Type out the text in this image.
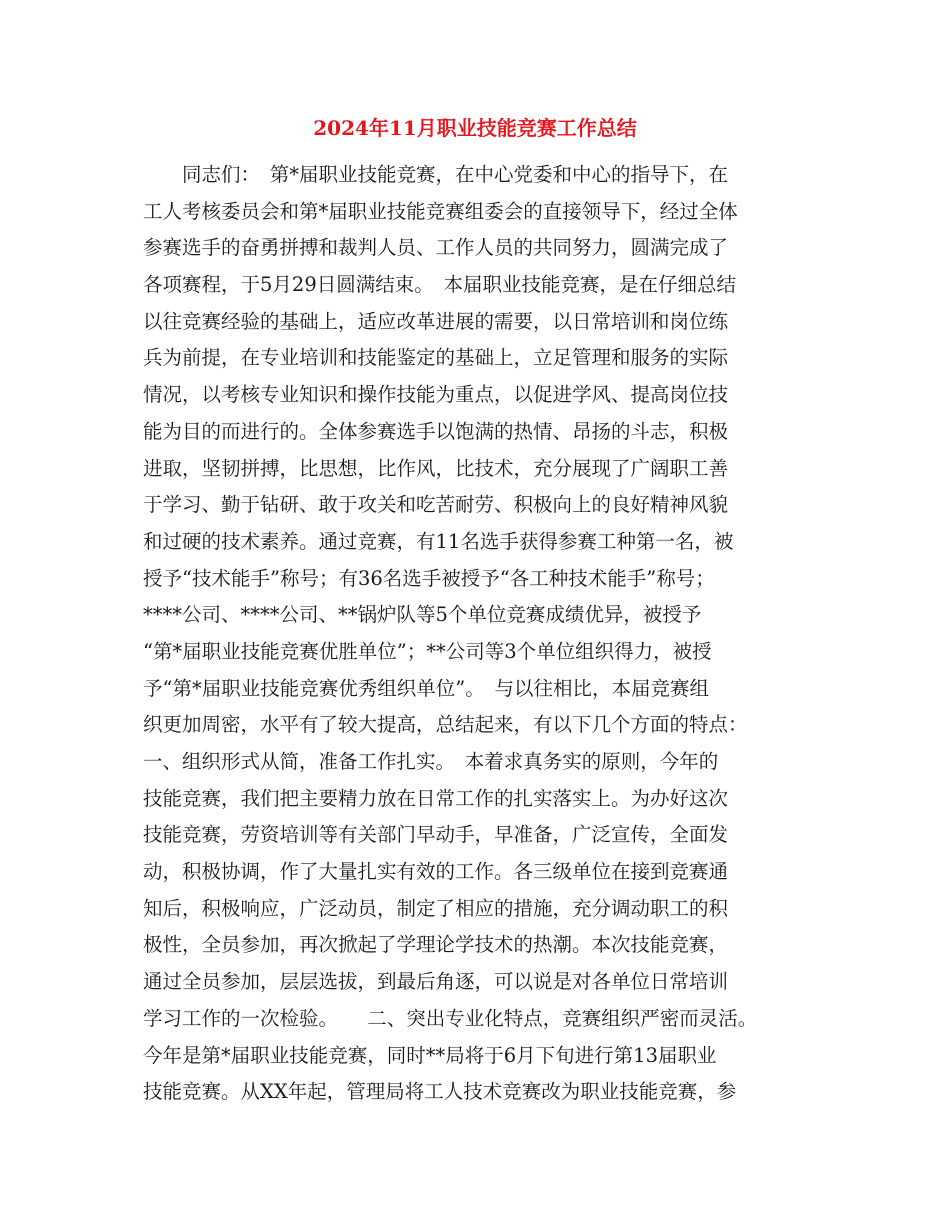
2024年11月职业技能竞赛工作总结
　　同志们：　第*届职业技能竞赛，在中心党委和中心的指导下，在
工人考核委员会和第*届职业技能竞赛组委会的直接领导下，经过全体
参赛选手的奋勇拼搏和裁判人员、工作人员的共同努力，圆满完成了
各项赛程，于5月29日圆满结束。　本届职业技能竞赛，是在仔细总结
以往竞赛经验的基础上，适应改革进展的需要，以日常培训和岗位练
兵为前提，在专业培训和技能鉴定的基础上，立足管理和服务的实际
情况，以考核专业知识和操作技能为重点，以促进学风、提高岗位技
能为目的而进行的。全体参赛选手以饱满的热情、昂扬的斗志，积极
进取，坚韧拼搏，比思想，比作风，比技术，充分展现了广阔职工善
于学习、勤于钻研、敢于攻关和吃苦耐劳、积极向上的良好精神风貌
和过硬的技术素养。通过竞赛，有11名选手获得参赛工种第一名，被
授予“技术能手”称号；有36名选手被授予“各工种技术能手”称号；
****公司、****公司、**锅炉队等5个单位竞赛成绩优异，被授予
“第*届职业技能竞赛优胜单位”；**公司等3个单位组织得力，被授
予“第*届职业技能竞赛优秀组织单位”。　与以往相比，本届竞赛组
织更加周密，水平有了较大提高，总结起来，有以下几个方面的特点：
一、组织形式从简，准备工作扎实。　本着求真务实的原则，今年的
技能竞赛，我们把主要精力放在日常工作的扎实落实上。为办好这次
技能竞赛，劳资培训等有关部门早动手，早准备，广泛宣传，全面发
动，积极协调，作了大量扎实有效的工作。各三级单位在接到竞赛通
知后，积极响应，广泛动员，制定了相应的措施，充分调动职工的积
极性，全员参加，再次掀起了学理论学技术的热潮。本次技能竞赛，
通过全员参加，层层选拔，到最后角逐，可以说是对各单位日常培训
学习工作的一次检验。　　二、突出专业化特点，竞赛组织严密而灵活。
今年是第*届职业技能竞赛，同时**局将于6月下旬进行第13届职业
技能竞赛。从XX年起，管理局将工人技术竞赛改为职业技能竞赛，参
